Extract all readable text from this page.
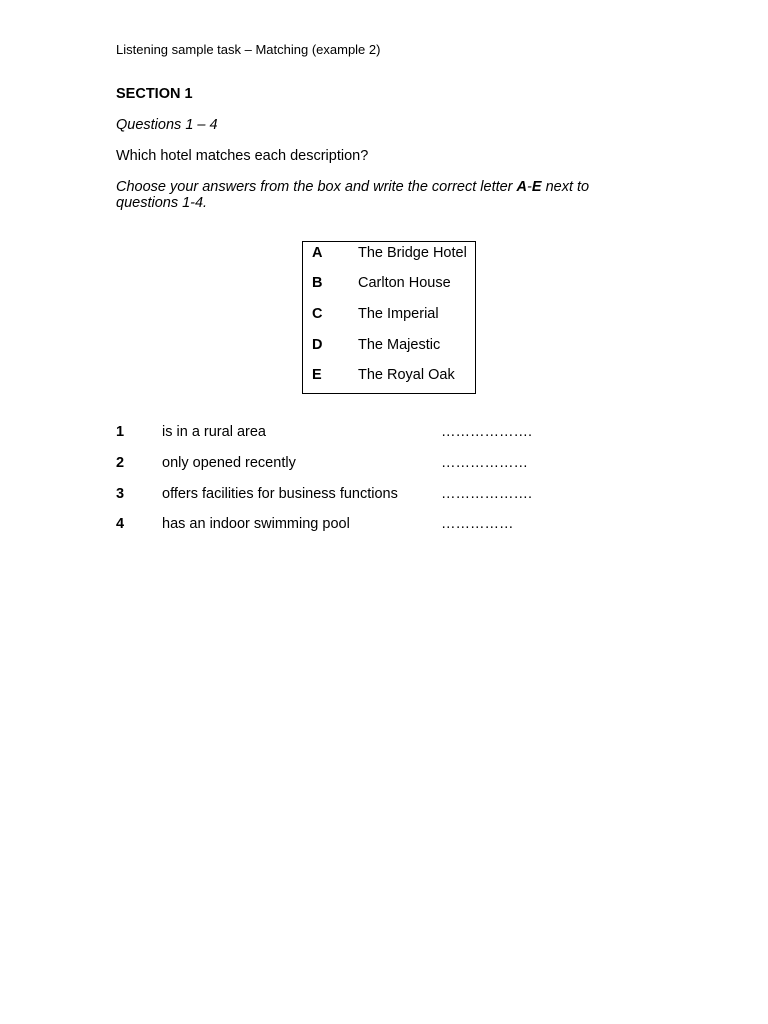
Listening sample task – Matching (example 2)
SECTION 1
Questions 1 – 4
Which hotel matches each description?
Choose your answers from the box and write the correct letter A-E next to questions 1-4.
A The Bridge Hotel
B Carlton House
C The Imperial
D The Majestic
E	The Royal Oak
1	is in a rural area	……………….
2	only opened recently	………………
3	offers facilities for business functions	……………….
4	has an indoor swimming pool	……………
